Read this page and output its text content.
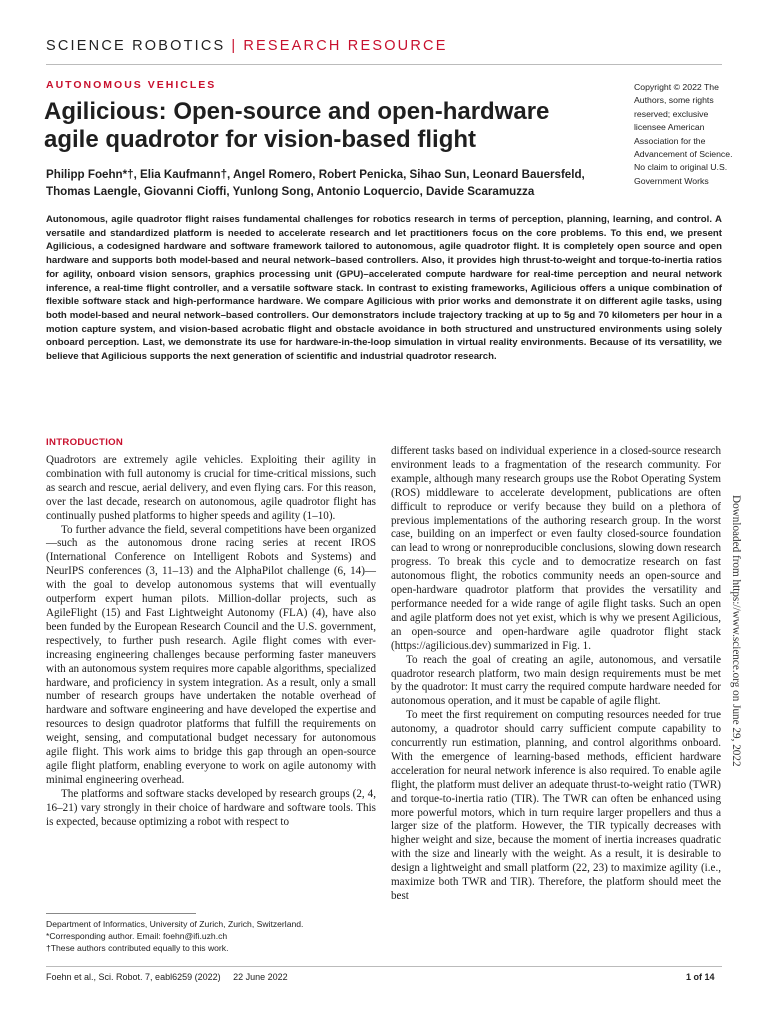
SCIENCE ROBOTICS | RESEARCH RESOURCE
AUTONOMOUS VEHICLES
Agilicious: Open-source and open-hardware agile quadrotor for vision-based flight
Philipp Foehn*†, Elia Kaufmann†, Angel Romero, Robert Penicka, Sihao Sun, Leonard Bauersfeld, Thomas Laengle, Giovanni Cioffi, Yunlong Song, Antonio Loquercio, Davide Scaramuzza
Copyright © 2022 The Authors, some rights reserved; exclusive licensee American Association for the Advancement of Science. No claim to original U.S. Government Works

Autonomous, agile quadrotor flight raises fundamental challenges for robotics research in terms of perception, planning, learning, and control. A versatile and standardized platform is needed to accelerate research and let practitioners focus on the core problems. To this end, we present Agilicious, a codesigned hardware and software framework tailored to autonomous, agile quadrotor flight. It is completely open source and open hardware and supports both model-based and neural network–based controllers. Also, it provides high thrust-to-weight and torque-to-inertia ratios for agility, onboard vision sensors, graphics processing unit (GPU)–accelerated compute hardware for real-time perception and neural network inference, a real-time flight controller, and a versatile software stack. In contrast to existing frameworks, Agilicious offers a unique combination of flexible software stack and high-performance hardware. We compare Agilicious with prior works and demonstrate it on different agile tasks, using both model-based and neural network–based controllers. Our demonstrators include trajectory tracking at up to 5g and 70 kilometers per hour in a motion capture system, and vision-based acrobatic flight and obstacle avoidance in both structured and unstructured environments using solely onboard perception. Last, we demonstrate its use for hardware-in-the-loop simulation in virtual reality environments. Because of its versatility, we believe that Agilicious supports the next generation of scientific and industrial quadrotor research.

INTRODUCTION

Quadrotors are extremely agile vehicles. Exploiting their agility in combination with full autonomy is crucial for time-critical missions, such as search and rescue, aerial delivery, and even flying cars. For this reason, over the last decade, research on autonomous, agile quadrotor flight has continually pushed platforms to higher speeds and agility (1–10).

To further advance the field, several competitions have been organized—such as the autonomous drone racing series at recent IROS (International Conference on Intelligent Robots and Systems) and NeurIPS conferences (3, 11–13) and the AlphaPilot challenge (6, 14)—with the goal to develop autonomous systems that will eventually outperform expert human pilots. Million-dollar projects, such as AgileFlight (15) and Fast Lightweight Autonomy (FLA) (4), have also been funded by the European Research Council and the U.S. government, respectively, to further push research. Agile flight comes with ever-increasing engineering challenges because performing faster maneuvers with an autonomous system requires more capable algorithms, specialized hardware, and proficiency in system integration. As a result, only a small number of research groups have undertaken the notable overhead of hardware and software engineering and have developed the expertise and resources to design quadrotor platforms that fulfill the requirements on weight, sensing, and computational budget necessary for autonomous agile flight. This work aims to bridge this gap through an open-source agile flight platform, enabling everyone to work on agile autonomy with minimal engineering overhead.

The platforms and software stacks developed by research groups (2, 4, 16–21) vary strongly in their choice of hardware and software tools. This is expected, because optimizing a robot with respect to

different tasks based on individual experience in a closed-source research environment leads to a fragmentation of the research community. For example, although many research groups use the Robot Operating System (ROS) middleware to accelerate development, publications are often difficult to reproduce or verify because they build on a plethora of previous implementations of the authoring research group. In the worst case, building on an imperfect or even faulty closed-source foundation can lead to wrong or nonreproducible conclusions, slowing down research progress. To break this cycle and to democratize research on fast autonomous flight, the robotics community needs an open-source and open-hardware quadrotor platform that provides the versatility and performance needed for a wide range of agile flight tasks. Such an open and agile platform does not yet exist, which is why we present Agilicious, an open-source and open-hardware agile quadrotor flight stack (https://agilicious.dev) summarized in Fig. 1.

To reach the goal of creating an agile, autonomous, and versatile quadrotor research platform, two main design requirements must be met by the quadrotor: It must carry the required compute hardware needed for autonomous operation, and it must be capable of agile flight.

To meet the first requirement on computing resources needed for true autonomy, a quadrotor should carry sufficient compute capability to concurrently run estimation, planning, and control algorithms onboard. With the emergence of learning-based methods, efficient hardware acceleration for neural network inference is also required. To enable agile flight, the platform must deliver an adequate thrust-to-weight ratio (TWR) and torque-to-inertia ratio (TIR). The TWR can often be enhanced using more powerful motors, which in turn require larger propellers and thus a larger size of the platform. However, the TIR typically decreases with higher weight and size, because the moment of inertia increases quadratic with the size and linearly with the weight. As a result, it is desirable to design a lightweight and small platform (22, 23) to maximize agility (i.e., maximize both TWR and TIR). Therefore, the platform should meet the best

Department of Informatics, University of Zurich, Zurich, Switzerland.
*Corresponding author. Email: foehn@ifi.uzh.ch
†These authors contributed equally to this work.
Foehn et al., Sci. Robot. 7, eabl6259 (2022)     22 June 2022	1 of 14
Downloaded from https://www.science.org on June 29, 2022
